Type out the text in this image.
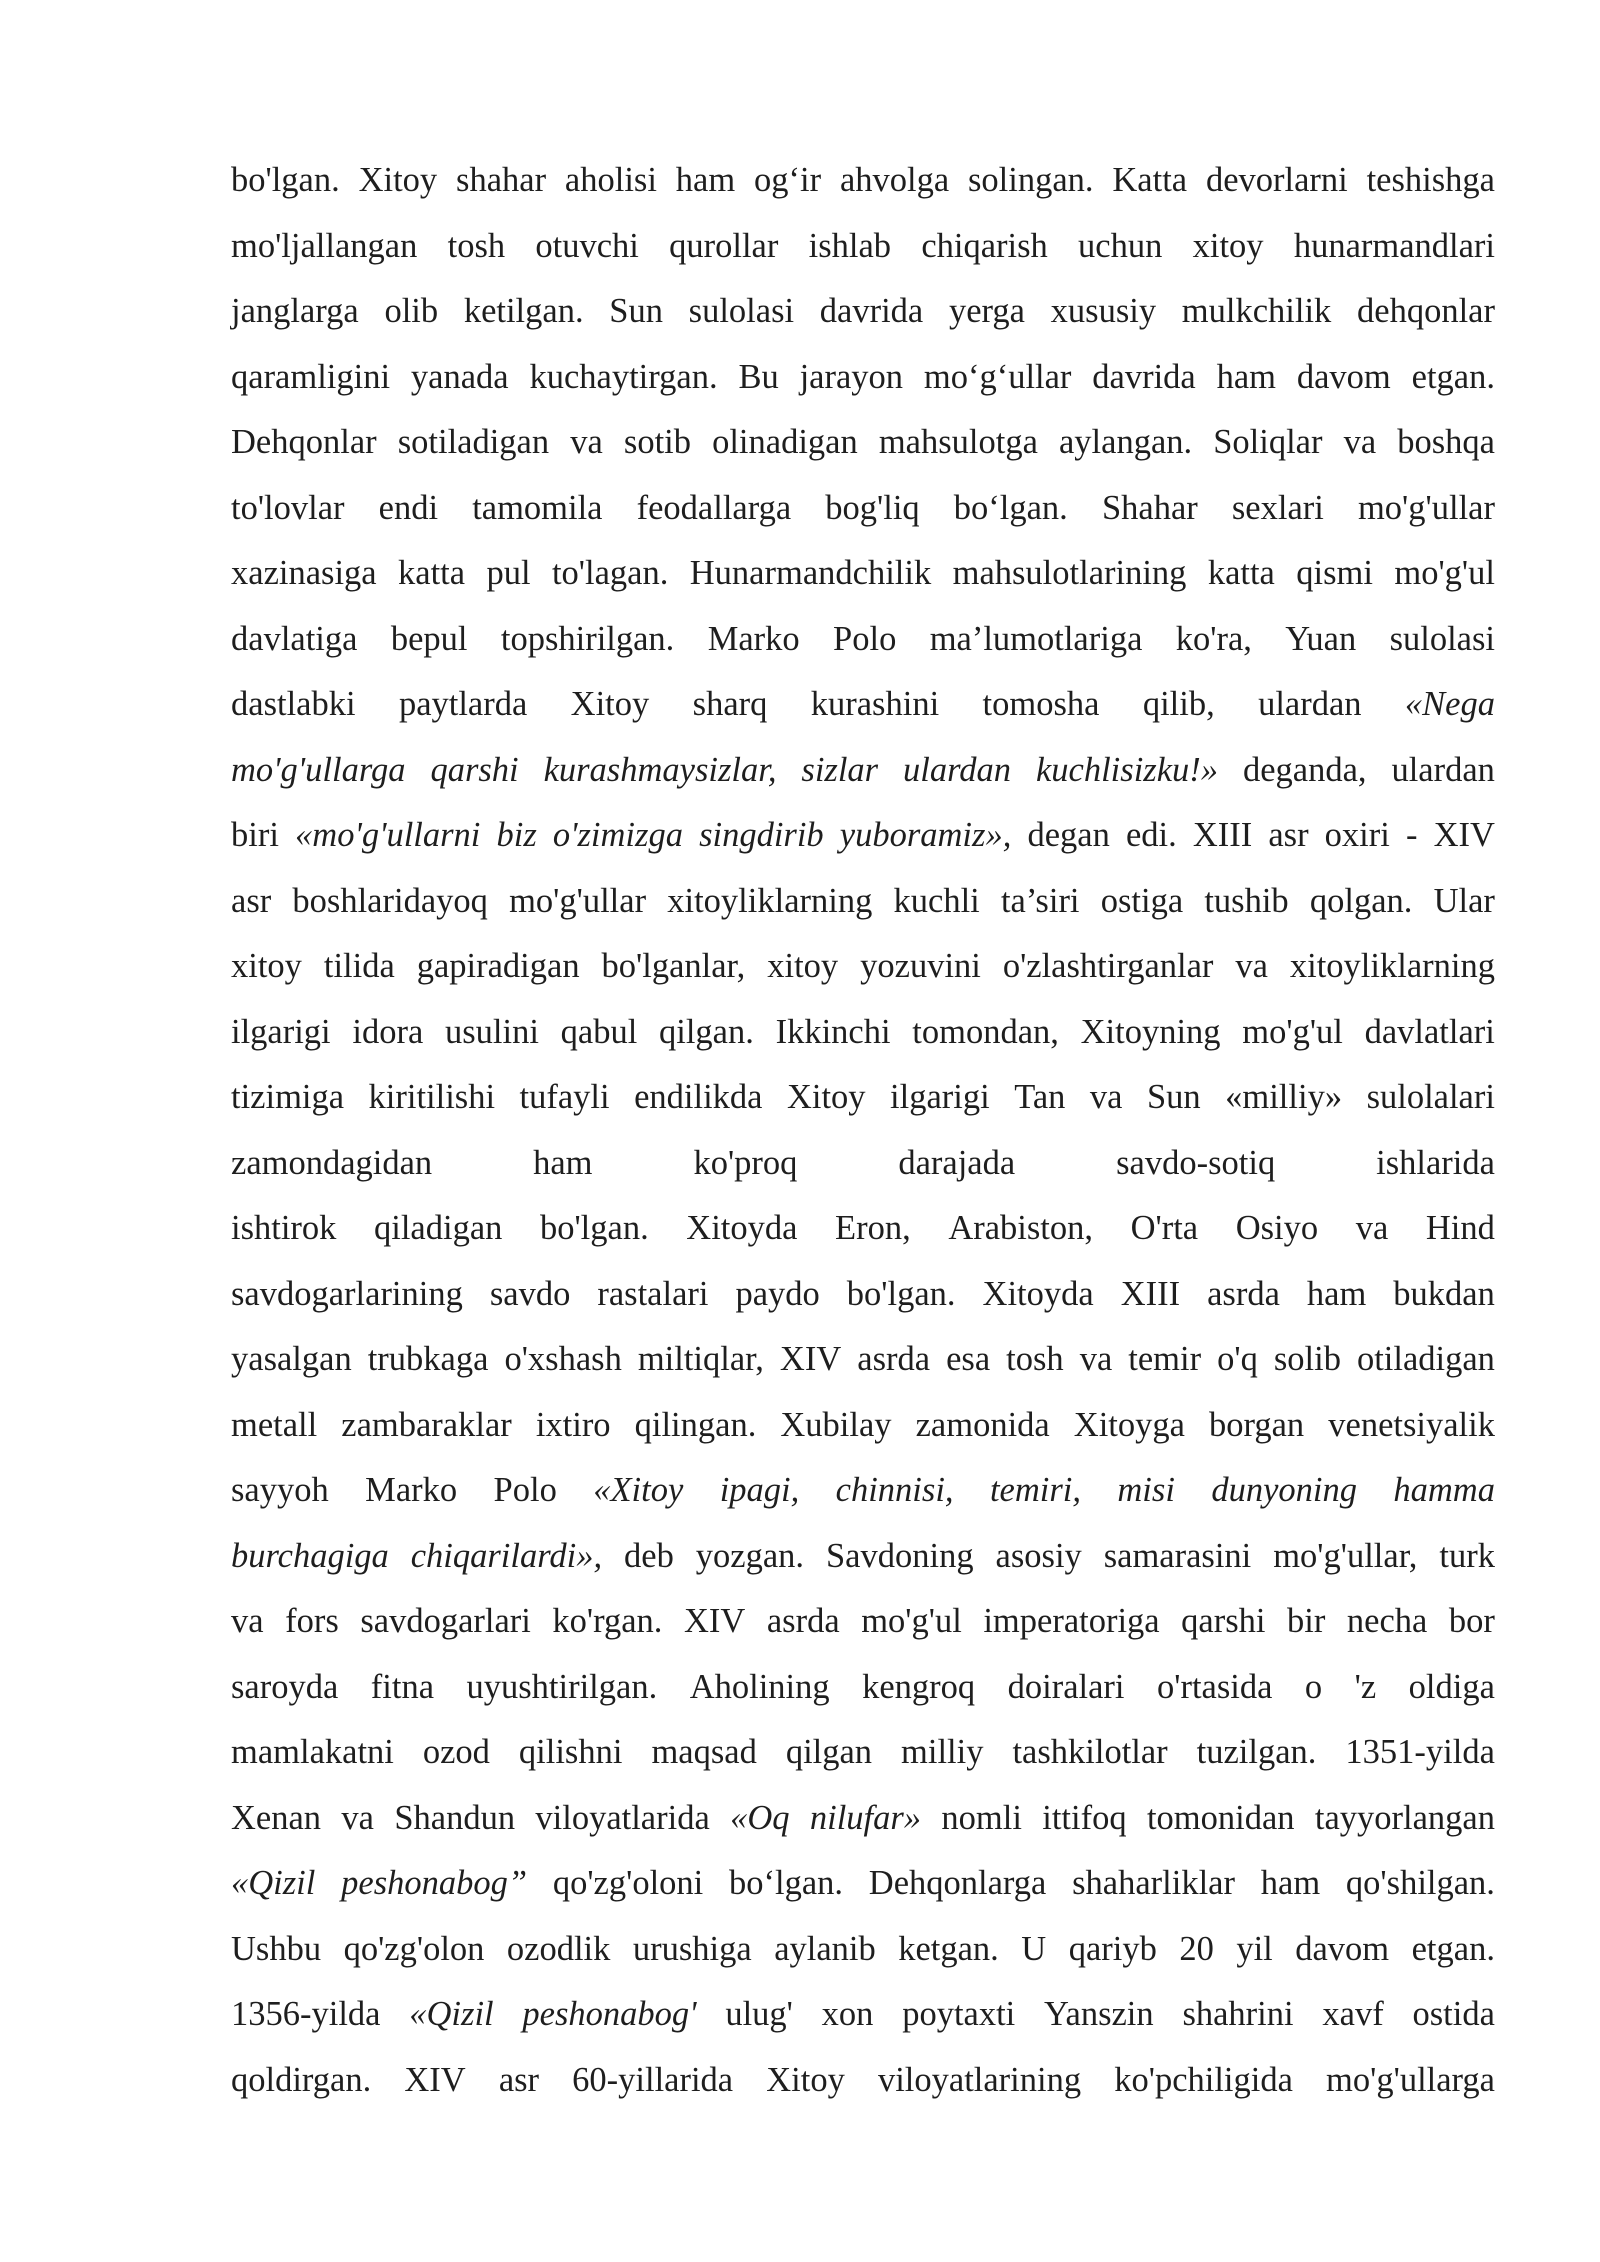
bo'lgan. Xitoy shahar aholisi ham og‘ir ahvolga solingan. Katta devorlarni teshishga
mo'ljallangan tosh otuvchi qurollar ishlab chiqarish uchun xitoy hunarmandlari
janglarga olib ketilgan. Sun sulolasi davrida yerga xususiy mulkchilik dehqonlar
qaramligini yanada kuchaytirgan. Bu jarayon mo‘g‘ullar davrida ham davom etgan.
Dehqonlar sotiladigan va sotib olinadigan mahsulotga aylangan. Soliqlar va boshqa
to'lovlar endi tamomila feodallarga bog'liq bo‘lgan. Shahar sexlari mo'g'ullar
xazinasiga katta pul to'lagan. Hunarmandchilik mahsulotlarining katta qismi mo'g'ul
davlatiga bepul topshirilgan. Marko Polo ma’lumotlariga ko'ra, Yuan sulolasi
dastlabki paytlarda Xitoy sharq kurashini tomosha qilib, ulardan «Nega
mo'g'ullarga qarshi kurashmaysizlar, sizlar ulardan kuchlisizku!» deganda, ulardan
biri «mo'g'ullarni biz o'zimizga singdirib yuboramiz», degan edi. XIII asr oxiri - XIV
asr boshlaridayoq mo'g'ullar xitoyliklarning kuchli ta’siri ostiga tushib qolgan. Ular
xitoy tilida gapiradigan bo'lganlar, xitoy yozuvini o'zlashtirganlar va xitoyliklarning
ilgarigi idora usulini qabul qilgan. Ikkinchi tomondan, Xitoyning mo'g'ul davlatlari
tizimiga kiritilishi tufayli endilikda Xitoy ilgarigi Tan va Sun «milliy» sulolalari
zamondagidan	ham	ko'proq	darajada	savdo-sotiq	ishlarida
ishtirok qiladigan bo'lgan. Xitoyda Eron, Arabiston, O'rta Osiyo va Hind
savdogarlarining savdo rastalari paydo bo'lgan. Xitoyda XIII asrda ham bukdan
yasalgan trubkaga o'xshash miltiqlar, XIV asrda esa tosh va temir o'q solib otiladigan
metall zambaraklar ixtiro qilingan. Xubilay zamonida Xitoyga borgan venetsiyalik
sayyoh Marko Polo «Xitoy ipagi, chinnisi, temiri, misi dunyoning hamma
burchagiga chiqarilardi», deb yozgan. Savdoning asosiy samarasini mo'g'ullar, turk
va fors savdogarlari ko'rgan. XIV asrda mo'g'ul imperatoriga qarshi bir necha bor
saroyda fitna uyushtirilgan. Aholining kengroq doiralari o'rtasida o 'z oldiga
mamlakatni ozod qilishni maqsad qilgan milliy tashkilotlar tuzilgan. 1351-yilda
Xenan va Shandun viloyatlarida «Oq nilufar» nomli ittifoq tomonidan tayyorlangan
«Qizil peshonabog” qo'zg'oloni bo‘lgan. Dehqonlarga shaharliklar ham qo'shilgan.
Ushbu qo'zg'olon ozodlik urushiga aylanib ketgan. U qariyb 20 yil davom etgan.
1356-yilda «Qizil peshonabog' ulug' xon poytaxti Yanszin shahrini xavf ostida
qoldirgan. XIV asr 60-yillarida Xitoy viloyatlarining ko'pchiligida mo'g'ullarga
